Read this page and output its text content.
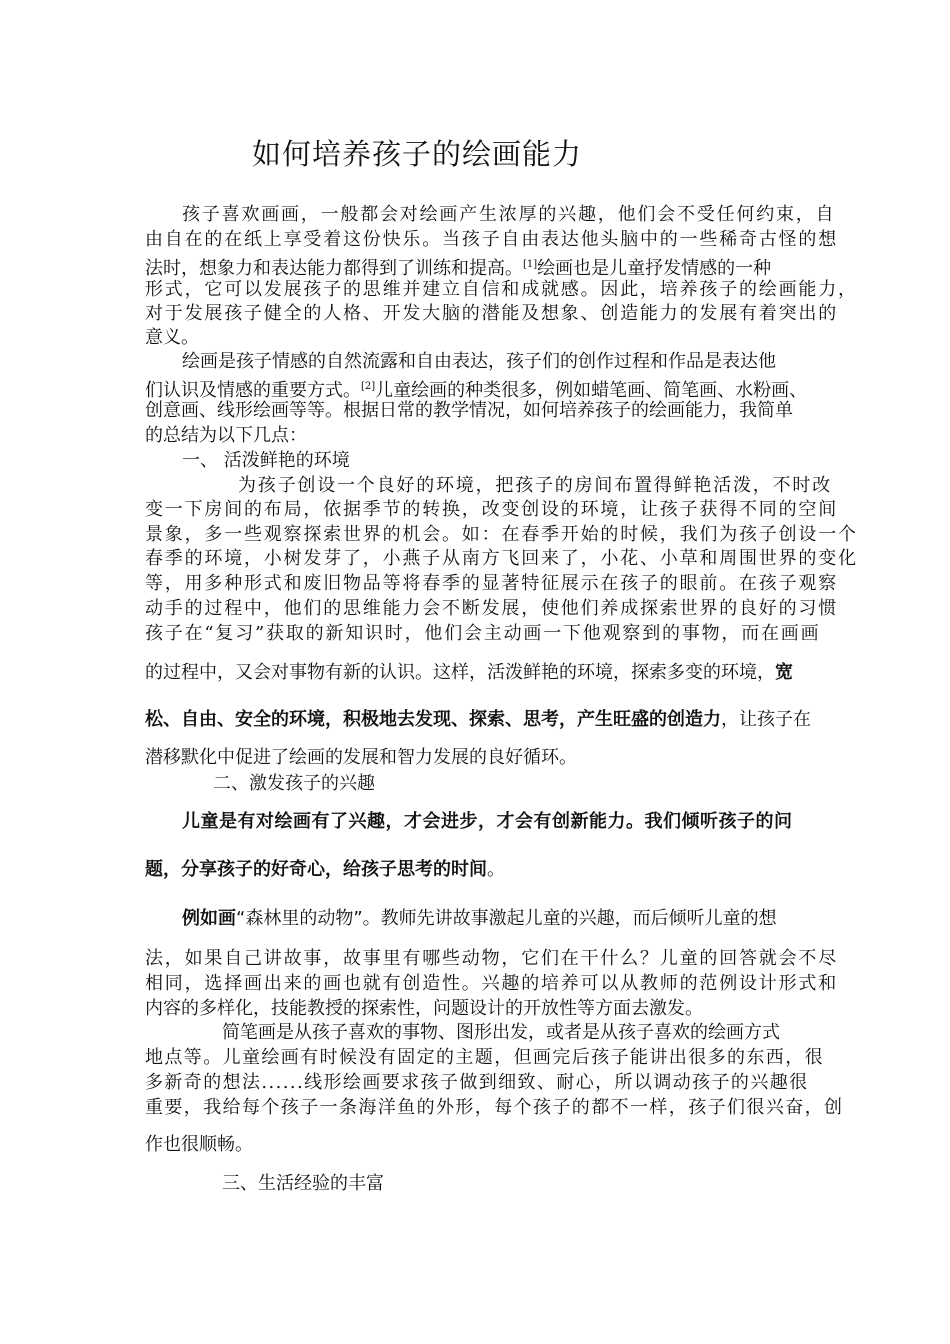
如何培养孩子的绘画能力
孩子喜欢画画，一般都会对绘画产生浓厚的兴趣，他们会不受任何约束，自
由自在的在纸上享受着这份快乐。当孩子自由表达他头脑中的一些稀奇古怪的想
法时，想象力和表达能力都得到了训练和提高。[1]绘画也是儿童抒发情感的一种
形式，它可以发展孩子的思维并建立自信和成就感。因此，培养孩子的绘画能力，
对于发展孩子健全的人格、开发大脑的潜能及想象、创造能力的发展有着突出的
意义。
绘画是孩子情感的自然流露和自由表达，孩子们的创作过程和作品是表达他
们认识及情感的重要方式。[2]儿童绘画的种类很多，例如蜡笔画、简笔画、水粉画、
创意画、线形绘画等等。根据日常的教学情况，如何培养孩子的绘画能力，我简单
的总结为以下几点：
一、 活泼鲜艳的环境
为孩子创设一个良好的环境，把孩子的房间布置得鲜艳活泼，不时改
变一下房间的布局，依据季节的转换，改变创设的环境，让孩子获得不同的空间
景象，多一些观察探索世界的机会。如：在春季开始的时候，我们为孩子创设一个
春季的环境，小树发芽了，小燕子从南方飞回来了，小花、小草和周围世界的变化
等，用多种形式和废旧物品等将春季的显著特征展示在孩子的眼前。在孩子观察
动手的过程中，他们的思维能力会不断发展，使他们养成探索世界的良好的习惯
孩子在“复习”获取的新知识时，他们会主动画一下他观察到的事物，而在画画
的过程中，又会对事物有新的认识。这样，活泼鲜艳的环境，探索多变的环境，宽
松、自由、安全的环境，积极地去发现、探索、思考，产生旺盛的创造力，让孩子在
潜移默化中促进了绘画的发展和智力发展的良好循环。
二、激发孩子的兴趣
儿童是有对绘画有了兴趣，才会进步，才会有创新能力。我们倾听孩子的问
题，分享孩子的好奇心，给孩子思考的时间。
例如画“森林里的动物”。教师先讲故事激起儿童的兴趣，而后倾听儿童的想
法，如果自己讲故事，故事里有哪些动物，它们在干什么？儿童的回答就会不尽
相同，选择画出来的画也就有创造性。兴趣的培养可以从教师的范例设计形式和
内容的多样化，技能教授的探索性，问题设计的开放性等方面去激发。
简笔画是从孩子喜欢的事物、图形出发，或者是从孩子喜欢的绘画方式
地点等。儿童绘画有时候没有固定的主题，但画完后孩子能讲出很多的东西，很
多新奇的想法......线形绘画要求孩子做到细致、耐心，所以调动孩子的兴趣很
重要，我给每个孩子一条海洋鱼的外形，每个孩子的都不一样，孩子们很兴奋，创
作也很顺畅。
三、生活经验的丰富
